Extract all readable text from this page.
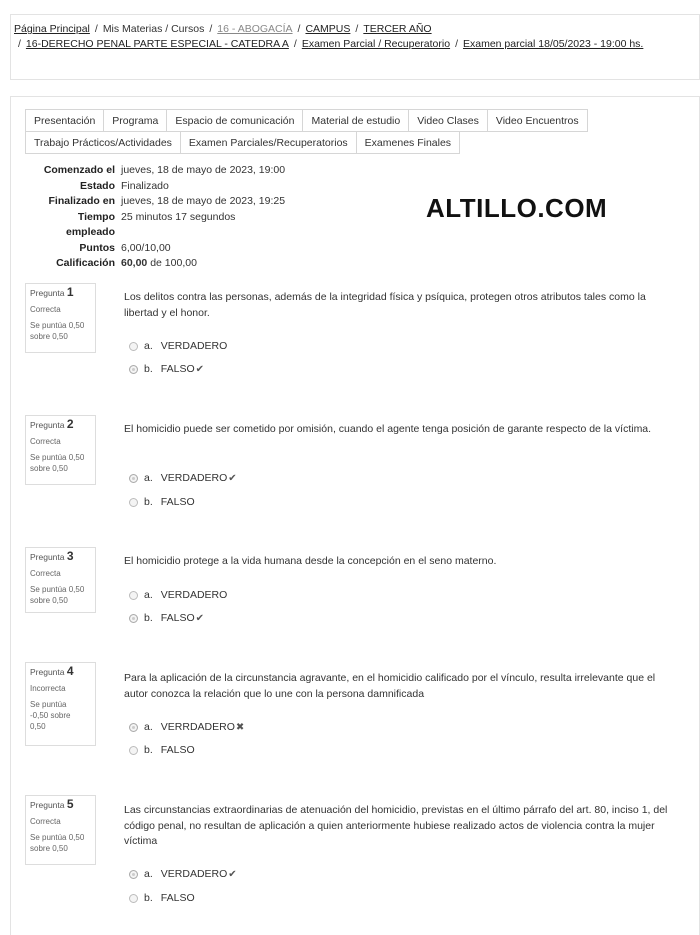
Página Principal / Mis Materias / Cursos / 16 - ABOGACÍA / CAMPUS / TERCER AÑO
/ 16-DERECHO PENAL PARTE ESPECIAL - CATEDRA A / Examen Parcial / Recuperatorio / Examen parcial 18/05/2023 - 19:00 hs.
Presentación	Programa	Espacio de comunicación	Material de estudio	Video Clases	Video Encuentros
Trabajo Prácticos/Actividades	Examen Parciales/Recuperatorios	Examenes Finales
Comenzado el jueves, 18 de mayo de 2023, 19:00
Estado Finalizado
Finalizado en jueves, 18 de mayo de 2023, 19:25
Tiempo
empleado
25 minutos 17 segundos
Puntos 6,00/10,00
Calificación 60,00 de 100,00
ALTILLO.COM
Pregunta 1
Correcta
Se puntúa 0,50
sobre 0,50
Los delitos contra las personas, además de la integridad física y psíquica, protegen otros atributos tales como la libertad y el honor.
a. VERDADERO
b. FALSO ✔
Pregunta 2
Correcta
Se puntúa 0,50
sobre 0,50
El homicidio puede ser cometido por omisión, cuando el agente tenga posición de garante respecto de la víctima.
a. VERDADERO ✔
b. FALSO
Pregunta 3
Correcta
Se puntúa 0,50
sobre 0,50
El homicidio protege a la vida humana desde la concepción en el seno materno.
a. VERDADERO
b. FALSO ✔
Pregunta 4
Incorrecta
Se puntúa
-0,50 sobre
0,50
Para la aplicación de la circunstancia agravante, en el homicidio calificado por el vínculo, resulta irrelevante que el autor conozca la relación que lo une con la persona damnificada
a. VERRDADERO ✖
b. FALSO
Pregunta 5
Correcta
Se puntúa 0,50
sobre 0,50
Las circunstancias extraordinarias de atenuación del homicidio, previstas en el último párrafo del art. 80, inciso 1, del código penal, no resultan de aplicación a quien anteriormente hubiese realizado actos de violencia contra la mujer víctima
a. VERDADERO ✔
b. FALSO
